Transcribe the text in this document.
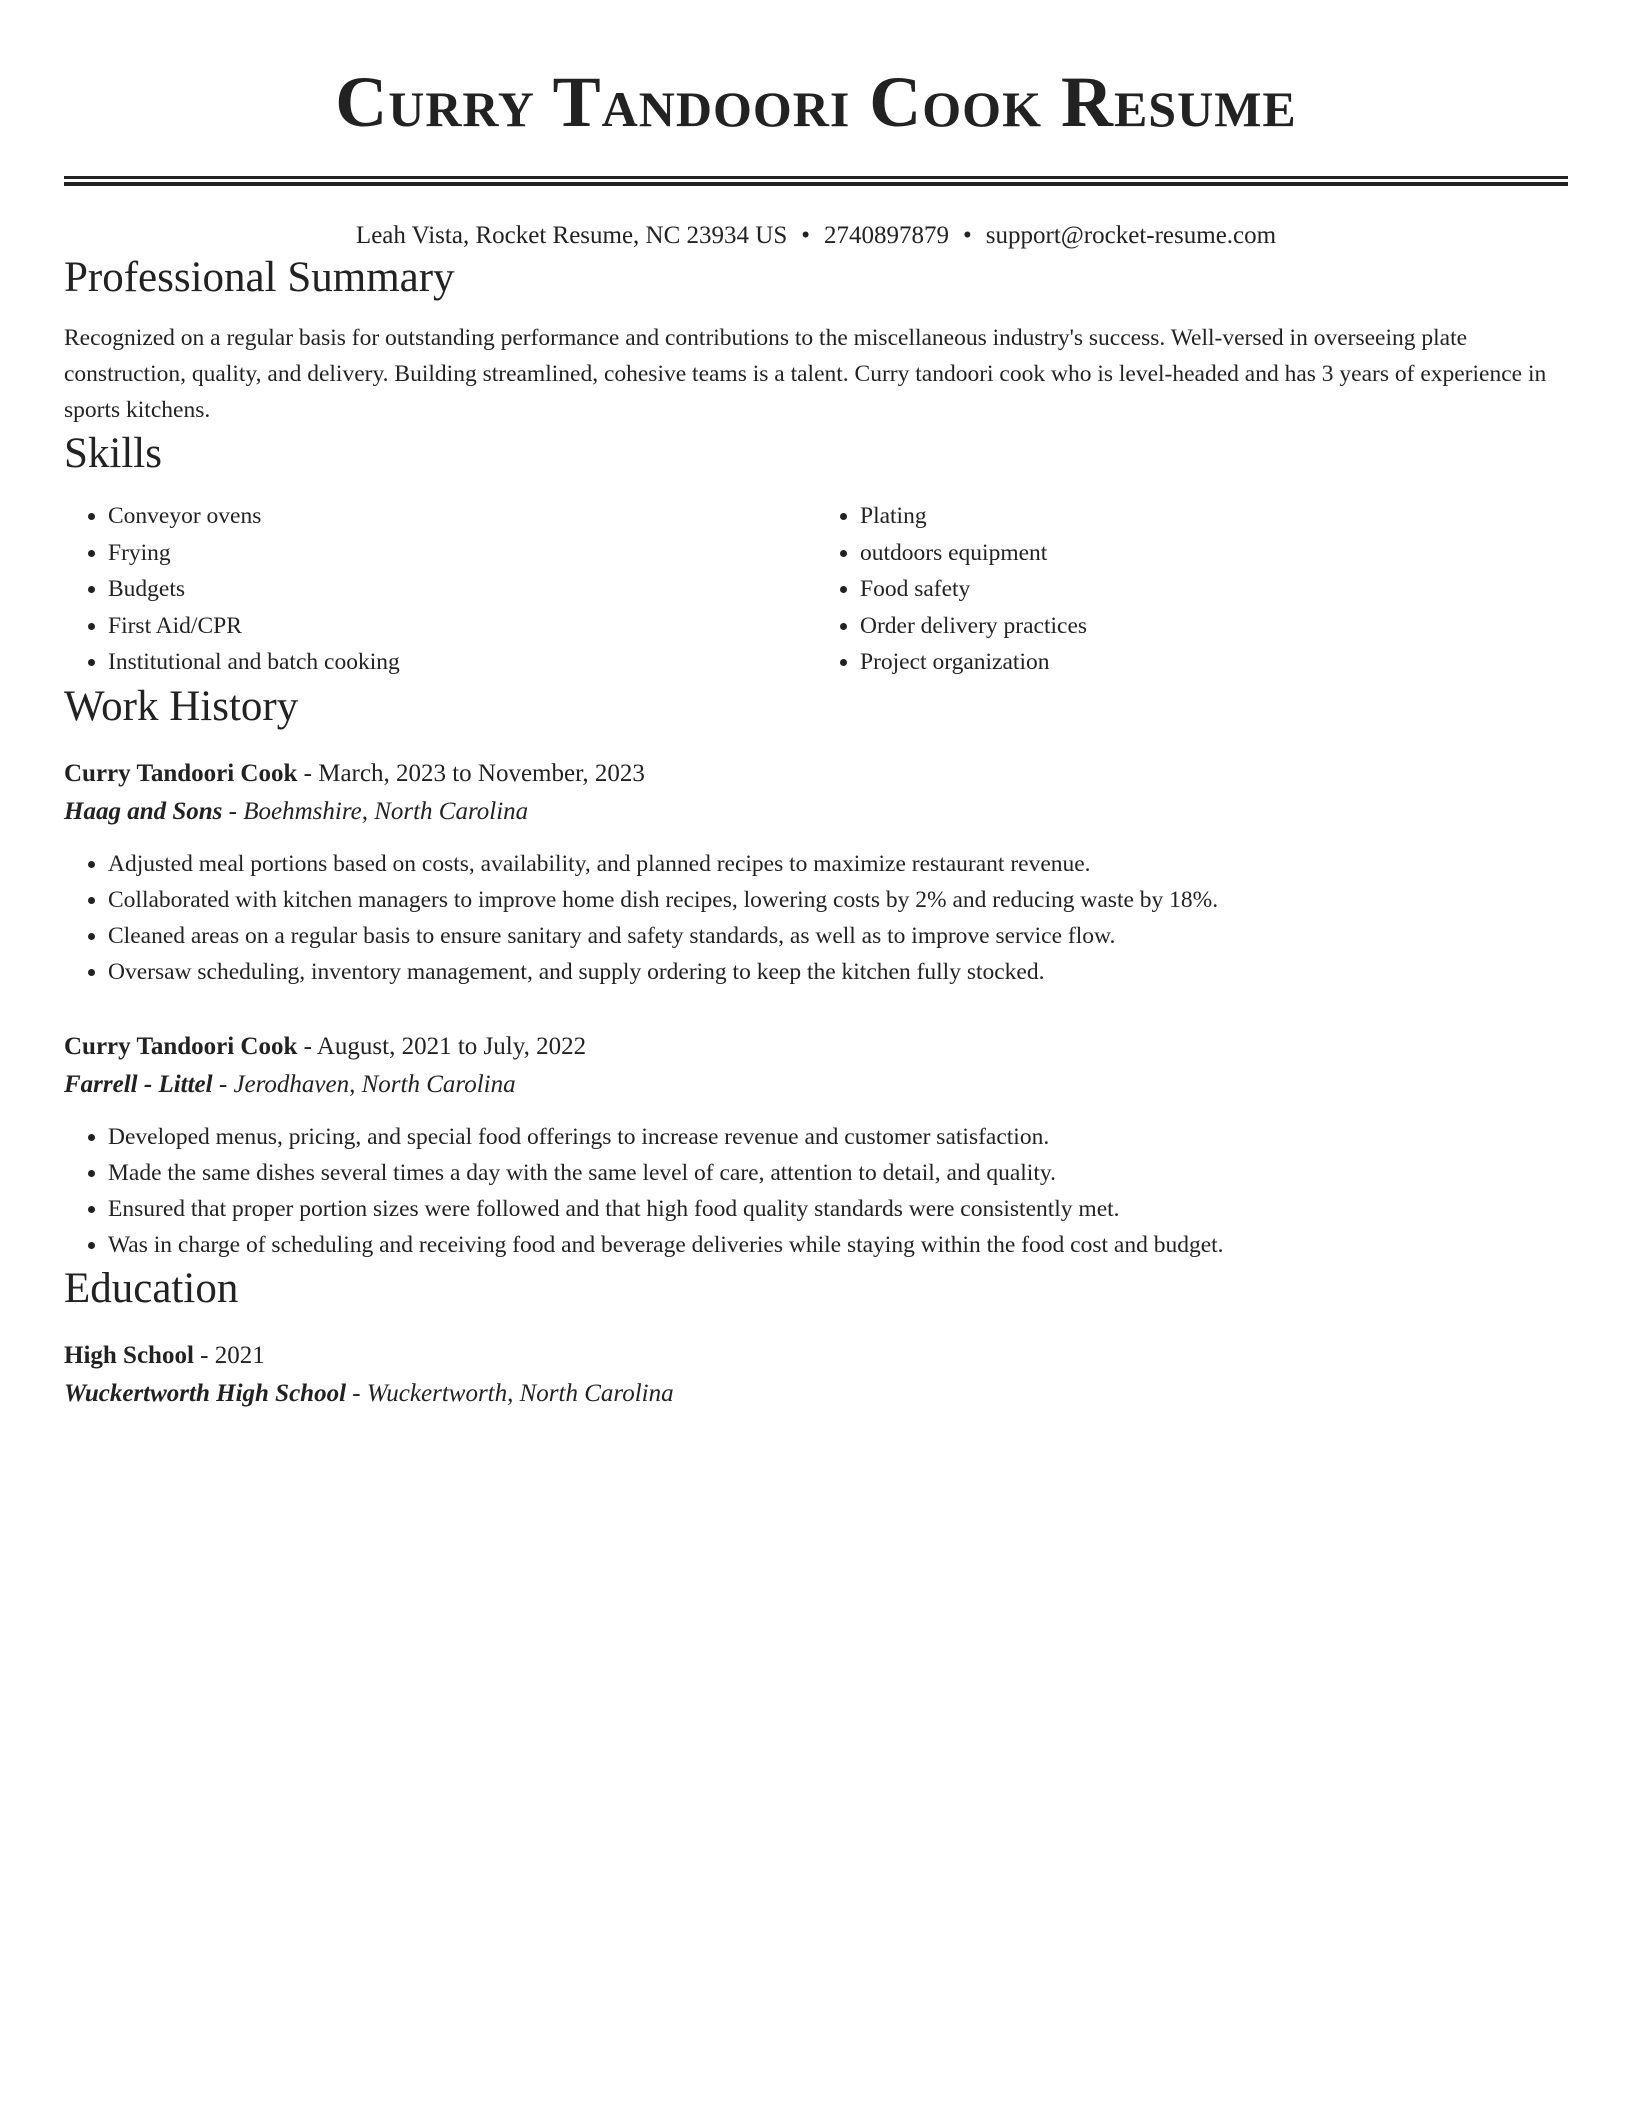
Curry Tandoori Cook Resume
Leah Vista, Rocket Resume, NC 23934 US • 2740897879 • support@rocket-resume.com
Professional Summary

Recognized on a regular basis for outstanding performance and contributions to the miscellaneous industry's success. Well-versed in overseeing plate construction, quality, and delivery. Building streamlined, cohesive teams is a talent. Curry tandoori cook who is level-headed and has 3 years of experience in sports kitchens.

Skills
• Conveyor ovens
• Frying
• Budgets
• First Aid/CPR
• Institutional and batch cooking
• Plating
• outdoors equipment
• Food safety
• Order delivery practices
• Project organization
Work History
Curry Tandoori Cook - March, 2023 to November, 2023
Haag and Sons - Boehmshire, North Carolina
• Adjusted meal portions based on costs, availability, and planned recipes to maximize restaurant revenue.
• Collaborated with kitchen managers to improve home dish recipes, lowering costs by 2% and reducing waste by 18%.
• Cleaned areas on a regular basis to ensure sanitary and safety standards, as well as to improve service flow.
• Oversaw scheduling, inventory management, and supply ordering to keep the kitchen fully stocked.
Curry Tandoori Cook - August, 2021 to July, 2022
Farrell - Littel - Jerodhaven, North Carolina
• Developed menus, pricing, and special food offerings to increase revenue and customer satisfaction.
• Made the same dishes several times a day with the same level of care, attention to detail, and quality.
• Ensured that proper portion sizes were followed and that high food quality standards were consistently met.
• Was in charge of scheduling and receiving food and beverage deliveries while staying within the food cost and budget.
Education
High School - 2021
Wuckertworth High School - Wuckertworth, North Carolina
